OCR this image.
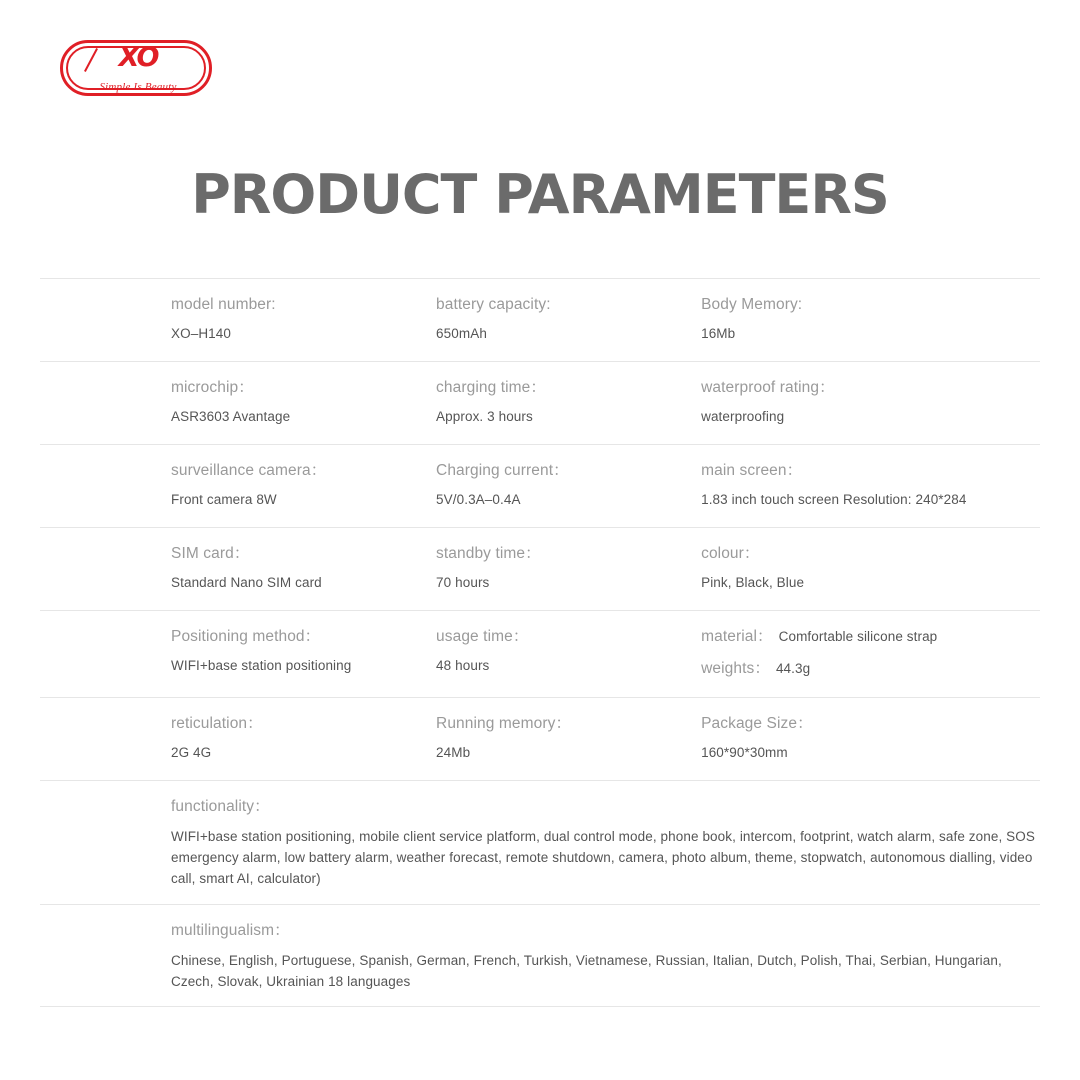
XO
Simple Is Beauty
PRODUCT PARAMETERS
model number:
XO–H140
battery capacity:
650mAh
Body Memory:
16Mb
microchip：
ASR3603 Avantage
charging time：
Approx. 3 hours
waterproof rating：
waterproofing
surveillance camera：
Front camera 8W
Charging current：
5V/0.3A–0.4A
main screen：
1.83 inch touch screen Resolution: 240*284
SIM card：
Standard Nano SIM card
standby time：
70 hours
colour：
Pink, Black, Blue
Positioning method：
WIFI+base station positioning
usage time：
48 hours
material： Comfortable silicone strap
weights： 44.3g
reticulation：
2G 4G
Running memory：
24Mb
Package Size：
160*90*30mm
functionality：
WIFI+base station positioning, mobile client service platform, dual control mode, phone book, intercom, footprint, watch alarm, safe zone, SOS emergency alarm, low battery alarm, weather forecast, remote shutdown, camera, photo album, theme, stopwatch, autonomous dialling, video call, smart AI, calculator)
multilingualism：
Chinese, English, Portuguese, Spanish, German, French, Turkish, Vietnamese, Russian, Italian, Dutch, Polish, Thai, Serbian, Hungarian, Czech, Slovak, Ukrainian 18 languages
